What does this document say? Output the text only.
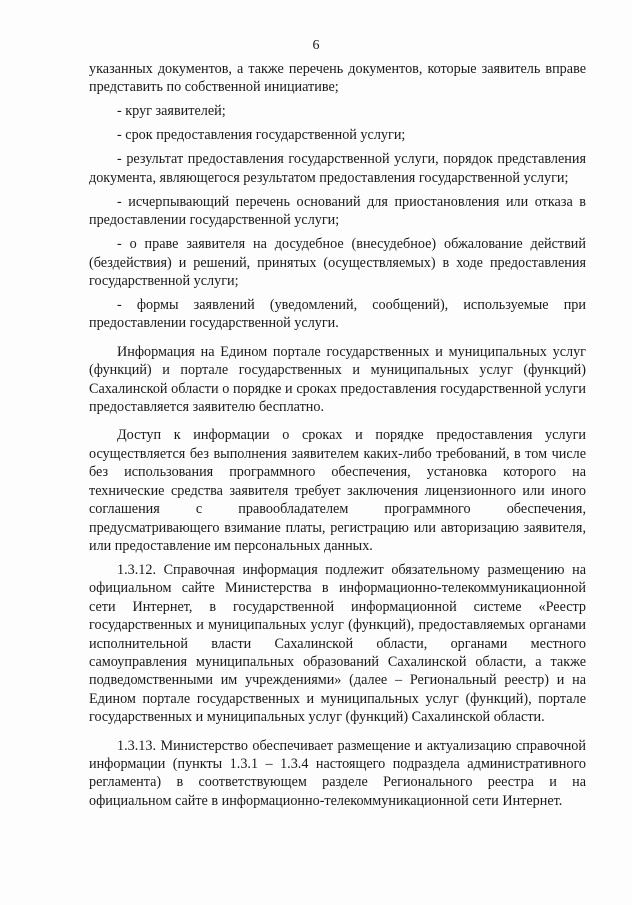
6

указанных документов, а также перечень документов, которые заявитель вправе представить по собственной инициативе;

- круг заявителей;

- срок предоставления государственной услуги;

- результат предоставления государственной услуги, порядок представления документа, являющегося результатом предоставления государственной услуги;

- исчерпывающий перечень оснований для приостановления или отказа в предоставлении государственной услуги;

- о праве заявителя на досудебное (внесудебное) обжалование действий (бездействия) и решений, принятых (осуществляемых) в ходе предоставления государственной услуги;

- формы заявлений (уведомлений, сообщений), используемые при предоставлении государственной услуги.

Информация на Едином портале государственных и муниципальных услуг (функций) и портале государственных и муниципальных услуг (функций) Сахалинской области о порядке и сроках предоставления государственной услуги предоставляется заявителю бесплатно.

Доступ к информации о сроках и порядке предоставления услуги осуществляется без выполнения заявителем каких-либо требований, в том числе без использования программного обеспечения, установка которого на технические средства заявителя требует заключения лицензионного или иного соглашения с правообладателем программного обеспечения, предусматривающего взимание платы, регистрацию или авторизацию заявителя, или предоставление им персональных данных.

1.3.12. Справочная информация подлежит обязательному размещению на официальном сайте Министерства в информационно-телекоммуникационной сети Интернет, в государственной информационной системе «Реестр государственных и муниципальных услуг (функций), предоставляемых органами исполнительной власти Сахалинской области, органами местного самоуправления муниципальных образований Сахалинской области, а также подведомственными им учреждениями» (далее – Региональный реестр) и на Едином портале государственных и муниципальных услуг (функций), портале государственных и муниципальных услуг (функций) Сахалинской области.

1.3.13. Министерство обеспечивает размещение и актуализацию справочной информации (пункты 1.3.1 – 1.3.4 настоящего подраздела административного регламента) в соответствующем разделе Регионального реестра и на официальном сайте в информационно-телекоммуникационной сети Интернет.
